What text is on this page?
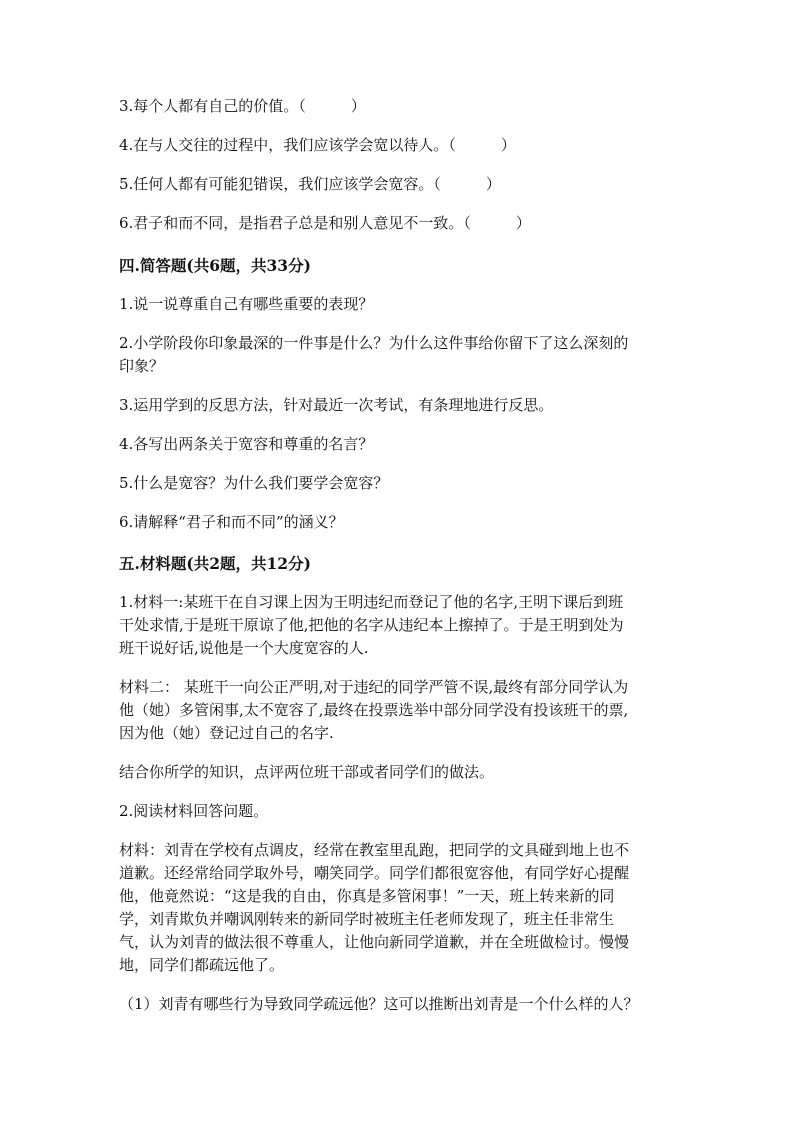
3.每个人都有自己的价值。（　　　）
4.在与人交往的过程中，我们应该学会宽以待人。（　　　）
5.任何人都有可能犯错误，我们应该学会宽容。（　　　）
6.君子和而不同，是指君子总是和别人意见不一致。（　　　）
四.简答题(共6题，共33分)
1.说一说尊重自己有哪些重要的表现？
2.小学阶段你印象最深的一件事是什么？为什么这件事给你留下了这么深刻的
印象？
3.运用学到的反思方法，针对最近一次考试，有条理地进行反思。
4.各写出两条关于宽容和尊重的名言？
5.什么是宽容？为什么我们要学会宽容？
6.请解释“君子和而不同”的涵义？
五.材料题(共2题，共12分)
1.材料一:某班干在自习课上因为王明违纪而登记了他的名字,王明下课后到班
干处求情,于是班干原谅了他,把他的名字从违纪本上擦掉了。于是王明到处为
班干说好话,说他是一个大度宽容的人.
材料二： 某班干一向公正严明,对于违纪的同学严管不误,最终有部分同学认为
他（她）多管闲事,太不宽容了,最终在投票选举中部分同学没有投该班干的票,
因为他（她）登记过自己的名字.
结合你所学的知识，点评两位班干部或者同学们的做法。
2.阅读材料回答问题。
材料：刘青在学校有点调皮，经常在教室里乱跑，把同学的文具碰到地上也不
道歉。还经常给同学取外号，嘲笑同学。同学们都很宽容他，有同学好心提醒
他，他竟然说：“这是我的自由，你真是多管闲事！”一天，班上转来新的同
学，刘青欺负并嘲讽刚转来的新同学时被班主任老师发现了，班主任非常生
气，认为刘青的做法很不尊重人，让他向新同学道歉，并在全班做检讨。慢慢
地，同学们都疏远他了。
（1）刘青有哪些行为导致同学疏远他？这可以推断出刘青是一个什么样的人？
